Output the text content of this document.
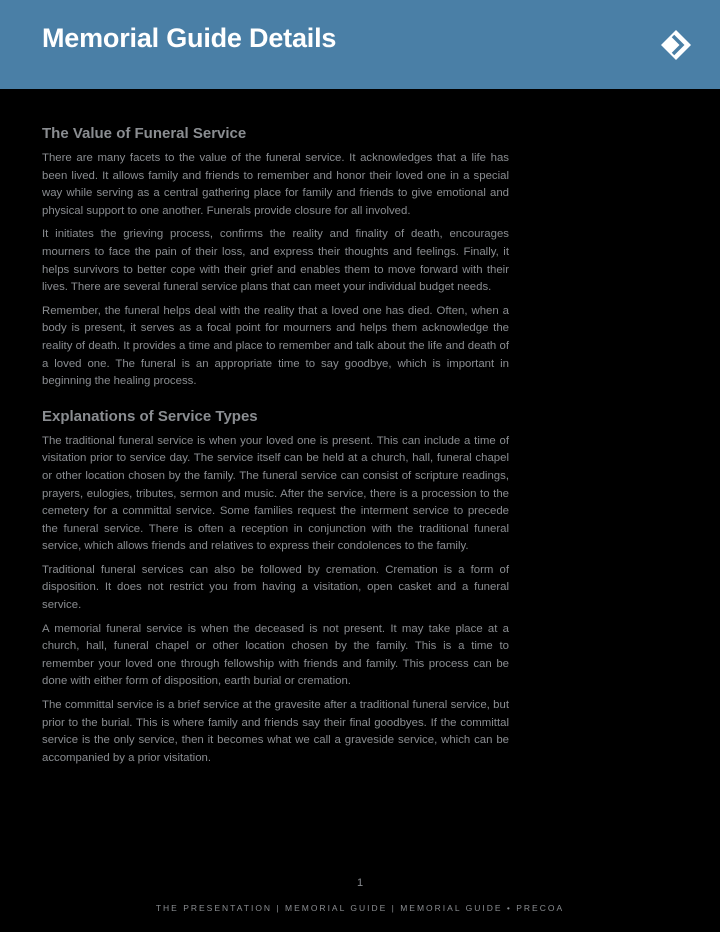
Memorial Guide Details
The Value of Funeral Service

There are many facets to the value of the funeral service. It acknowledges that a life has been lived. It allows family and friends to remember and honor their loved one in a special way while serving as a central gathering place for family and friends to give emotional and physical support to one another. Funerals provide closure for all involved.

It initiates the grieving process, confirms the reality and finality of death, encourages mourners to face the pain of their loss, and express their thoughts and feelings. Finally, it helps survivors to better cope with their grief and enables them to move forward with their lives. There are several funeral service plans that can meet your individual budget needs.

Remember, the funeral helps deal with the reality that a loved one has died. Often, when a body is present, it serves as a focal point for mourners and helps them acknowledge the reality of death. It provides a time and place to remember and talk about the life and death of a loved one. The funeral is an appropriate time to say goodbye, which is important in beginning the healing process.

Explanations of Service Types

The traditional funeral service is when your loved one is present. This can include a time of visitation prior to service day. The service itself can be held at a church, hall, funeral chapel or other location chosen by the family. The funeral service can consist of scripture readings, prayers, eulogies, tributes, sermon and music. After the service, there is a procession to the cemetery for a committal service. Some families request the interment service to precede the funeral service. There is often a reception in conjunction with the traditional funeral service, which allows friends and relatives to express their condolences to the family.

Traditional funeral services can also be followed by cremation. Cremation is a form of disposition. It does not restrict you from having a visitation, open casket and a funeral service.

A memorial funeral service is when the deceased is not present. It may take place at a church, hall, funeral chapel or other location chosen by the family. This is a time to remember your loved one through fellowship with friends and family. This process can be done with either form of disposition, earth burial or cremation.

The committal service is a brief service at the gravesite after a traditional funeral service, but prior to the burial. This is where family and friends say their final goodbyes. If the committal service is the only service, then it becomes what we call a graveside service, which can be accompanied by a prior visitation.

1
THE PRESENTATION | MEMORIAL GUIDE | MEMORIAL GUIDE • PRECOA
